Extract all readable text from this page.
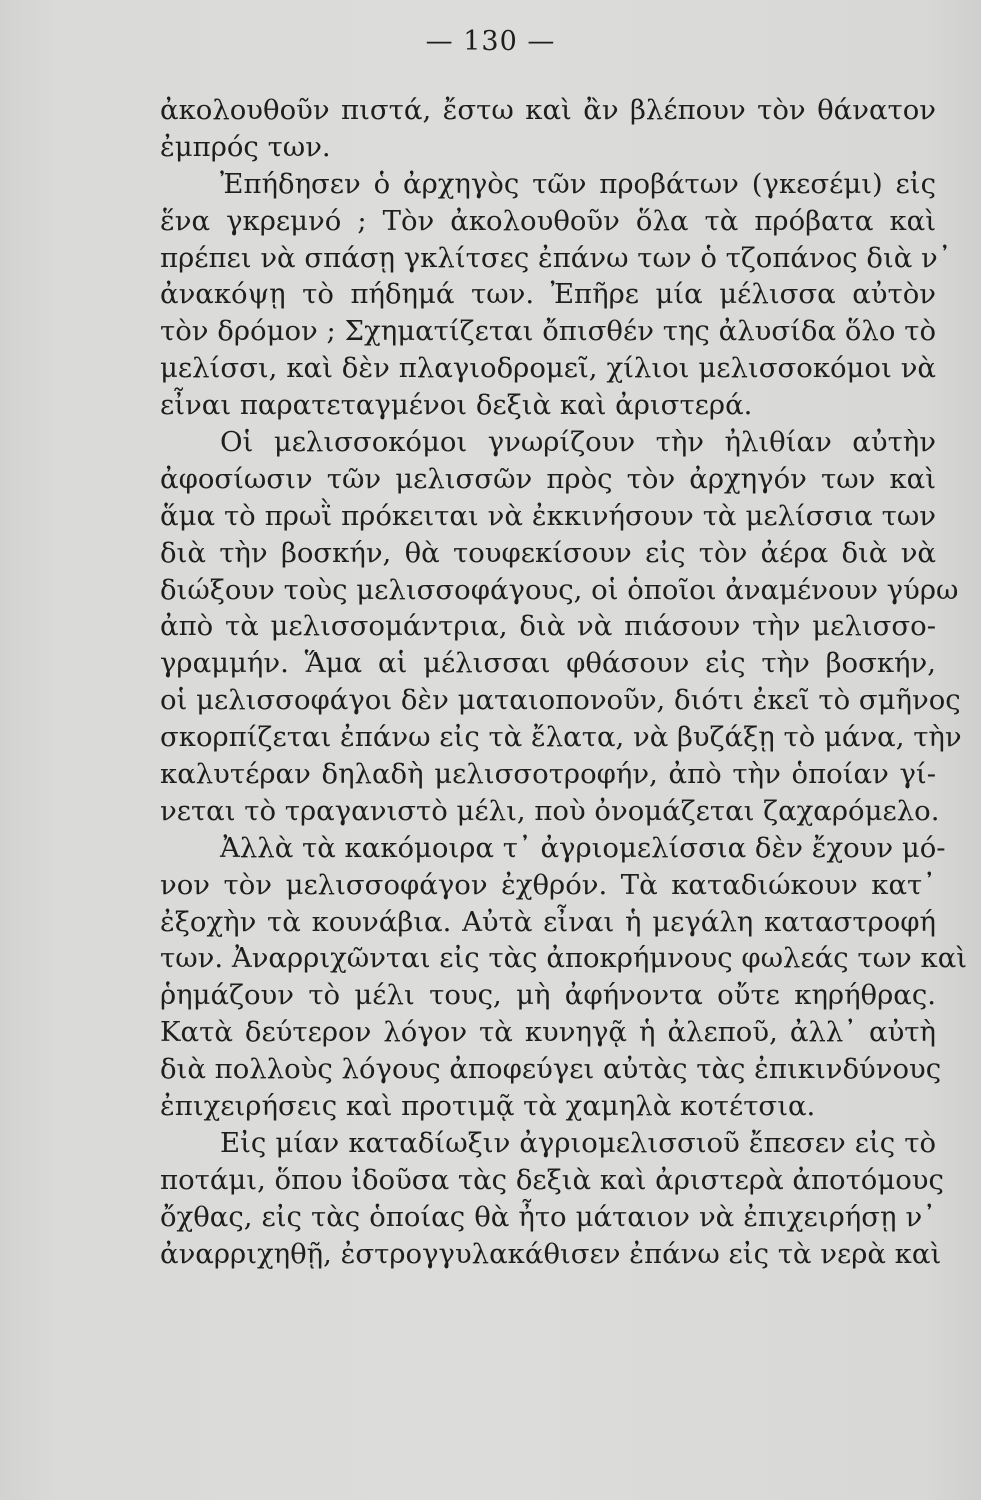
— 130 —
ἀκολουθοῦν πιστά, ἔστω καὶ ἂν βλέπουν τὸν θάνατον
ἐμπρός των.
Ἐπήδησεν ὁ ἀρχηγὸς τῶν προβάτων (γκεσέμι) εἰς
ἕνα γκρεμνό ; Τὸν ἀκολουθοῦν ὅλα τὰ πρόβατα καὶ
πρέπει νὰ σπάσῃ γκλίτσες ἐπάνω των ὁ τζοπάνος διὰ ν᾽
ἀνακόψῃ τὸ πήδημά των. Ἐπῆρε μία μέλισσα αὐτὸν
τὸν δρόμον ; Σχηματίζεται ὄπισθέν της ἀλυσίδα ὅλο τὸ
μελίσσι, καὶ δὲν πλαγιοδρομεῖ, χίλιοι μελισσοκόμοι νὰ
εἶναι παρατεταγμένοι δεξιὰ καὶ ἀριστερά.
Οἱ μελισσοκόμοι γνωρίζουν τὴν ἠλιθίαν αὐτὴν
ἀφοσίωσιν τῶν μελισσῶν πρὸς τὸν ἀρχηγόν των καὶ
ἅμα τὸ πρωῒ πρόκειται νὰ ἐκκινήσουν τὰ μελίσσια των
διὰ τὴν βοσκήν, θὰ τουφεκίσουν εἰς τὸν ἀέρα διὰ νὰ
διώξουν τοὺς μελισσοφάγους, οἱ ὁποῖοι ἀναμένουν γύρω
ἀπὸ τὰ μελισσομάντρια, διὰ νὰ πιάσουν τὴν μελισσο-
γραμμήν. Ἅμα αἱ μέλισσαι φθάσουν εἰς τὴν βοσκήν,
οἱ μελισσοφάγοι δὲν ματαιοπονοῦν, διότι ἐκεῖ τὸ σμῆνος
σκορπίζεται ἐπάνω εἰς τὰ ἔλατα, νὰ βυζάξῃ τὸ μάνα, τὴν
καλυτέραν δηλαδὴ μελισσοτροφήν, ἀπὸ τὴν ὁποίαν γί-
νεται τὸ τραγανιστὸ μέλι, ποὺ ὀνομάζεται ζαχαρόμελο.
Ἀλλὰ τὰ κακόμοιρα τ᾽ ἀγριομελίσσια δὲν ἔχουν μό-
νον τὸν μελισσοφάγον ἐχθρόν. Τὰ καταδιώκουν κατ᾽
ἐξοχὴν τὰ κουνάβια. Αὐτὰ εἶναι ἡ μεγάλη καταστροφή
των. Ἀναρριχῶνται εἰς τὰς ἀποκρήμνους φωλεάς των καὶ
ῥημάζουν τὸ μέλι τους, μὴ ἀφήνοντα οὔτε κηρήθρας.
Κατὰ δεύτερον λόγον τὰ κυνηγᾷ ἡ ἀλεποῦ, ἀλλ᾽ αὐτὴ
διὰ πολλοὺς λόγους ἀποφεύγει αὐτὰς τὰς ἐπικινδύνους
ἐπιχειρήσεις καὶ προτιμᾷ τὰ χαμηλὰ κοτέτσια.
Εἰς μίαν καταδίωξιν ἀγριομελισσιοῦ ἔπεσεν εἰς τὸ
ποτάμι, ὅπου ἰδοῦσα τὰς δεξιὰ καὶ ἀριστερὰ ἀποτόμους
ὄχθας, εἰς τὰς ὁποίας θὰ ἦτο μάταιον νὰ ἐπιχειρήσῃ ν᾽
ἀναρριχηθῇ, ἐστρογγυλακάθισεν ἐπάνω εἰς τὰ νερὰ καὶ
